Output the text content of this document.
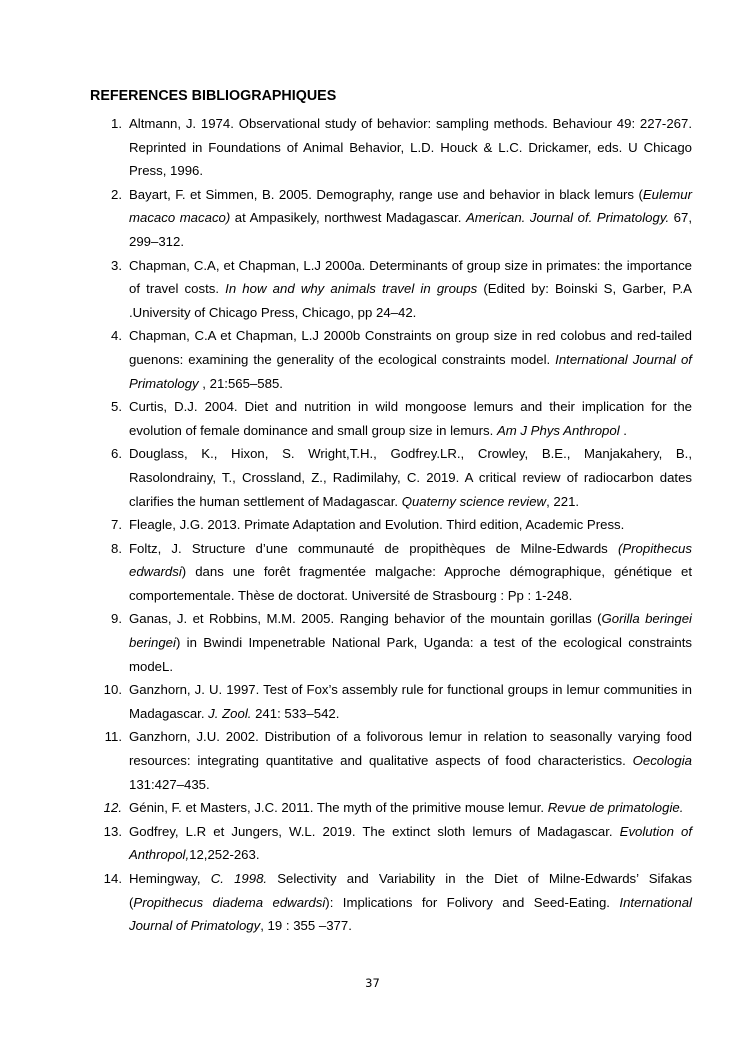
REFERENCES BIBLIOGRAPHIQUES
1. Altmann, J. 1974. Observational study of behavior: sampling methods. Behaviour 49: 227-267. Reprinted in Foundations of Animal Behavior, L.D. Houck & L.C. Drickamer, eds. U Chicago Press, 1996.
2. Bayart, F. et Simmen, B. 2005. Demography, range use and behavior in black lemurs (Eulemur macaco macaco) at Ampasikely, northwest Madagascar. American. Journal of. Primatology. 67, 299–312.
3. Chapman, C.A, et Chapman, L.J 2000a. Determinants of group size in primates: the importance of travel costs. In how and why animals travel in groups (Edited by: Boinski S, Garber, P.A .University of Chicago Press, Chicago, pp 24–42.
4. Chapman, C.A et Chapman, L.J 2000b Constraints on group size in red colobus and red-tailed guenons: examining the generality of the ecological constraints model. International Journal of Primatology , 21:565–585.
5. Curtis, D.J. 2004. Diet and nutrition in wild mongoose lemurs and their implication for the evolution of female dominance and small group size in lemurs. Am J Phys Anthropol .
6. Douglass, K., Hixon, S. Wright,T.H., Godfrey.LR., Crowley, B.E., Manjakahery, B., Rasolondrainy, T., Crossland, Z., Radimilahy, C. 2019. A critical review of radiocarbon dates clarifies the human settlement of Madagascar. Quaterny science review, 221.
7. Fleagle, J.G. 2013. Primate Adaptation and Evolution. Third edition, Academic Press.
8. Foltz, J. Structure d’une communauté de propithèques de Milne-Edwards (Propithecus edwardsi) dans une forêt fragmentée malgache: Approche démographique, génétique et comportementale. Thèse de doctorat. Université de Strasbourg : Pp : 1-248.
9. Ganas, J. et Robbins, M.M. 2005. Ranging behavior of the mountain gorillas (Gorilla beringei beringei) in Bwindi Impenetrable National Park, Uganda: a test of the ecological constraints modeL.
10. Ganzhorn, J. U. 1997. Test of Fox’s assembly rule for functional groups in lemur communities in Madagascar. J. Zool. 241: 533–542.
11. Ganzhorn, J.U. 2002. Distribution of a folivorous lemur in relation to seasonally varying food resources: integrating quantitative and qualitative aspects of food characteristics. Oecologia 131:427–435.
12. Génin, F. et Masters, J.C. 2011. The myth of the primitive mouse lemur. Revue de primatologie.
13. Godfrey, L.R et Jungers, W.L. 2019. The extinct sloth lemurs of Madagascar. Evolution of Anthropol,12,252-263.
14. Hemingway, C. 1998. Selectivity and Variability in the Diet of Milne-Edwards’ Sifakas (Propithecus diadema edwardsi): Implications for Folivory and Seed-Eating. International Journal of Primatology, 19 : 355 –377.
37
